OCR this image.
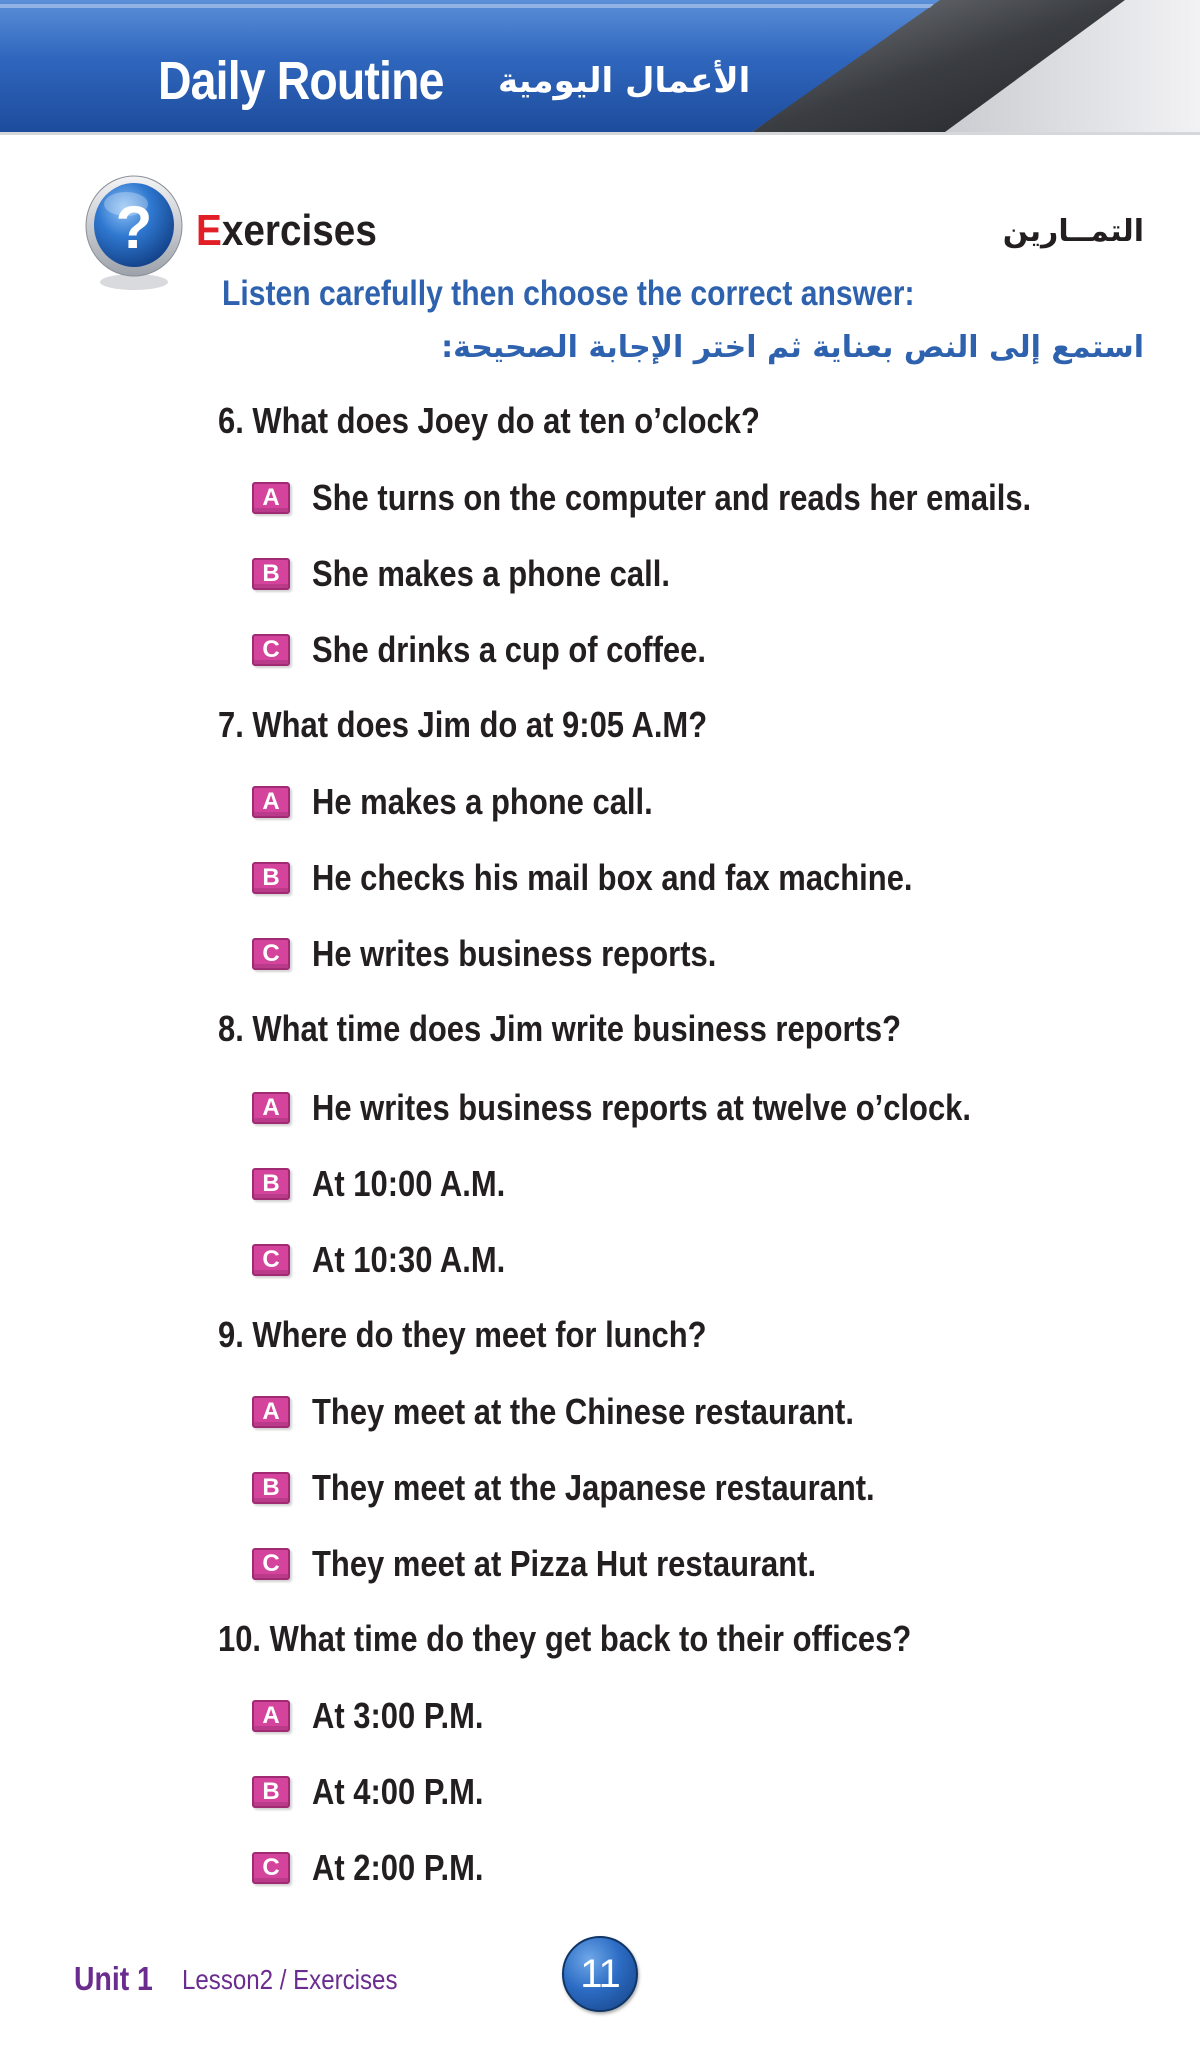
Daily Routine الأعمال اليومية
? Exercises	التمــارين
Listen carefully then choose the correct answer:
استمع إلى النص بعناية ثم اختر الإجابة الصحيحة:
6. What does Joey do at ten o’clock?
A She turns on the computer and reads her emails.
B She makes a phone call.
C She drinks a cup of coffee.
7. What does Jim do at 9:05 A.M?
A He makes a phone call.
B He checks his mail box and fax machine.
C He writes business reports.
8. What time does Jim write business reports?
A He writes business reports at twelve o’clock.
B At 10:00 A.M.
C At 10:30 A.M.
9. Where do they meet for lunch?
A They meet at the Chinese restaurant.
B They meet at the Japanese restaurant.
C They meet at Pizza Hut restaurant.
10. What time do they get back to their offices?
A At 3:00 P.M.
B At 4:00 P.M.
C At 2:00 P.M.
Unit 1 Lesson2 / Exercises	11
